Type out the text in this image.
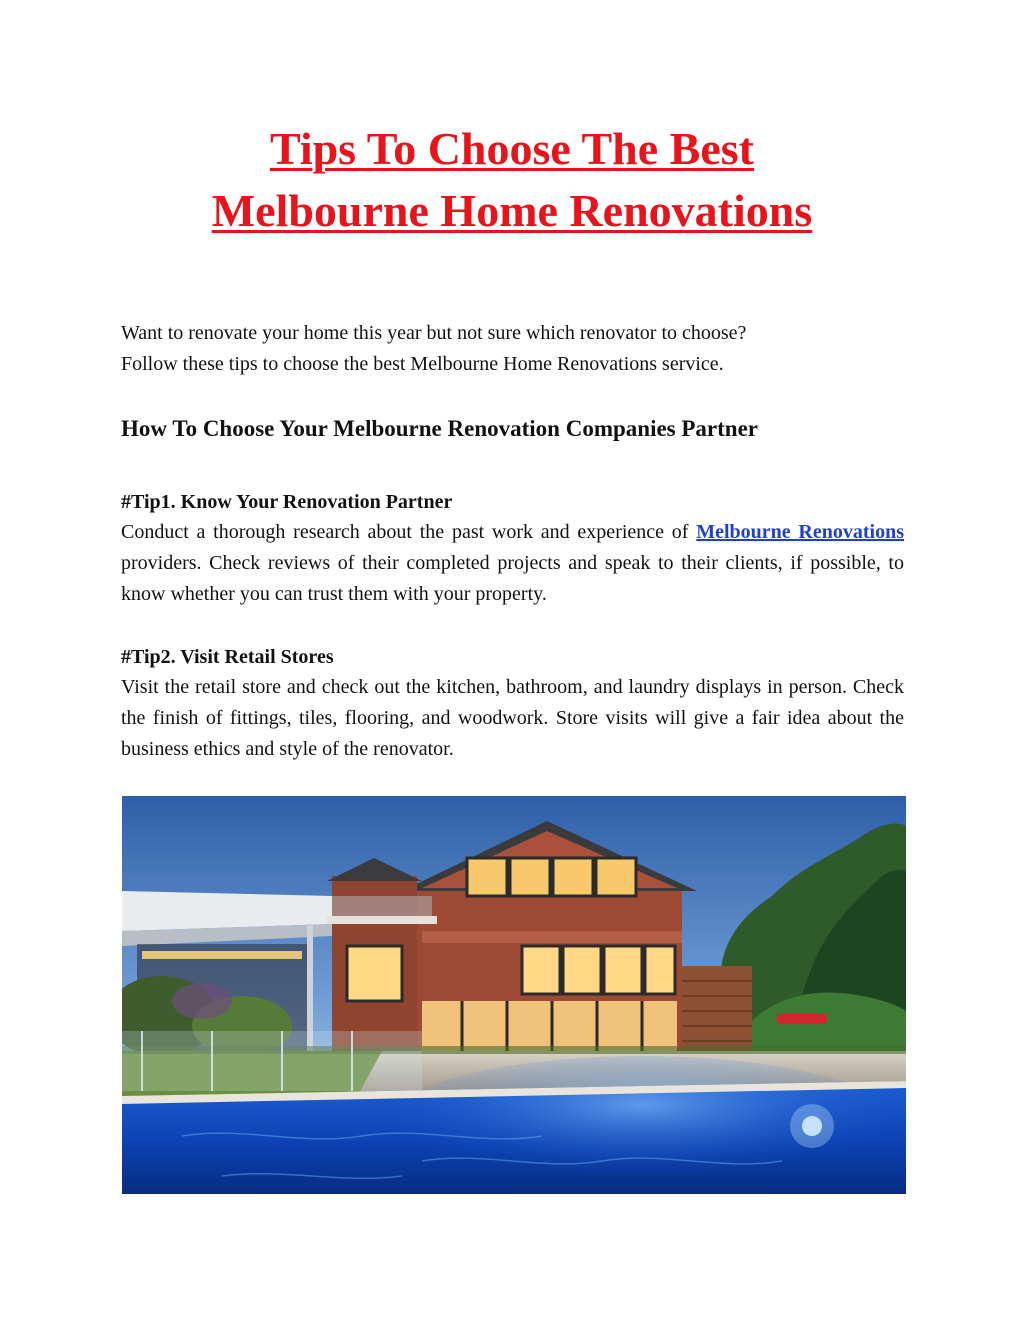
Tips To Choose The Best
Melbourne Home Renovations

Want to renovate your home this year but not sure which renovator to choose?
Follow these tips to choose the best Melbourne Home Renovations service.

How To Choose Your Melbourne Renovation Companies Partner
#Tip1. Know Your Renovation Partner

Conduct a thorough research about the past work and experience of Melbourne Renovations providers. Check reviews of their completed projects and speak to their clients, if possible, to know whether you can trust them with your property.

#Tip2. Visit Retail Stores

Visit the retail store and check out the kitchen, bathroom, and laundry displays in person. Check the finish of fittings, tiles, flooring, and woodwork. Store visits will give a fair idea about the business ethics and style of the renovator.
